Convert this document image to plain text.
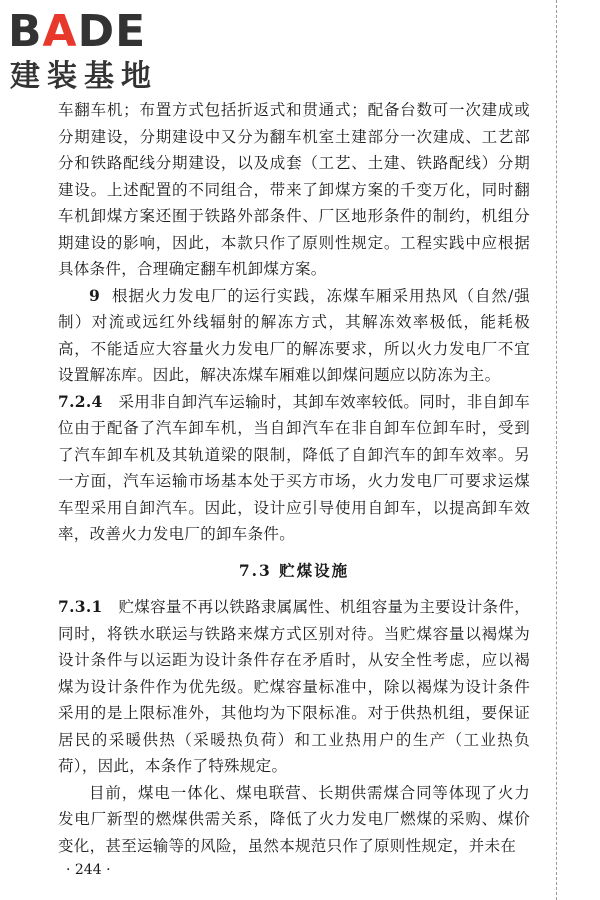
BADE
建装基地

车翻车机；布置方式包括折返式和贯通式；配备台数可一次建成或分期建设，分期建设中又分为翻车机室土建部分一次建成、工艺部分和铁路配线分期建设，以及成套（工艺、土建、铁路配线）分期建设。上述配置的不同组合，带来了卸煤方案的千变万化，同时翻车机卸煤方案还囿于铁路外部条件、厂区地形条件的制约，机组分期建设的影响，因此，本款只作了原则性规定。工程实践中应根据具体条件，合理确定翻车机卸煤方案。

9 根据火力发电厂的运行实践，冻煤车厢采用热风（自然/强制）对流或远红外线辐射的解冻方式，其解冻效率极低，能耗极高，不能适应大容量火力发电厂的解冻要求，所以火力发电厂不宜设置解冻库。因此，解决冻煤车厢难以卸煤问题应以防冻为主。

7.2.4 采用非自卸汽车运输时，其卸车效率较低。同时，非自卸车位由于配备了汽车卸车机，当自卸汽车在非自卸车位卸车时，受到了汽车卸车机及其轨道梁的限制，降低了自卸汽车的卸车效率。另一方面，汽车运输市场基本处于买方市场，火力发电厂可要求运煤车型采用自卸汽车。因此，设计应引导使用自卸车，以提高卸车效率，改善火力发电厂的卸车条件。

7.3 贮煤设施

7.3.1 贮煤容量不再以铁路隶属属性、机组容量为主要设计条件，同时，将铁水联运与铁路来煤方式区别对待。当贮煤容量以褐煤为设计条件与以运距为设计条件存在矛盾时，从安全性考虑，应以褐煤为设计条件作为优先级。贮煤容量标准中，除以褐煤为设计条件采用的是上限标准外，其他均为下限标准。对于供热机组，要保证居民的采暖供热（采暖热负荷）和工业热用户的生产（工业热负荷），因此，本条作了特殊规定。

目前，煤电一体化、煤电联营、长期供需煤合同等体现了火力发电厂新型的燃煤供需关系，降低了火力发电厂燃煤的采购、煤价变化，甚至运输等的风险，虽然本规范只作了原则性规定，并未在

· 244 ·
